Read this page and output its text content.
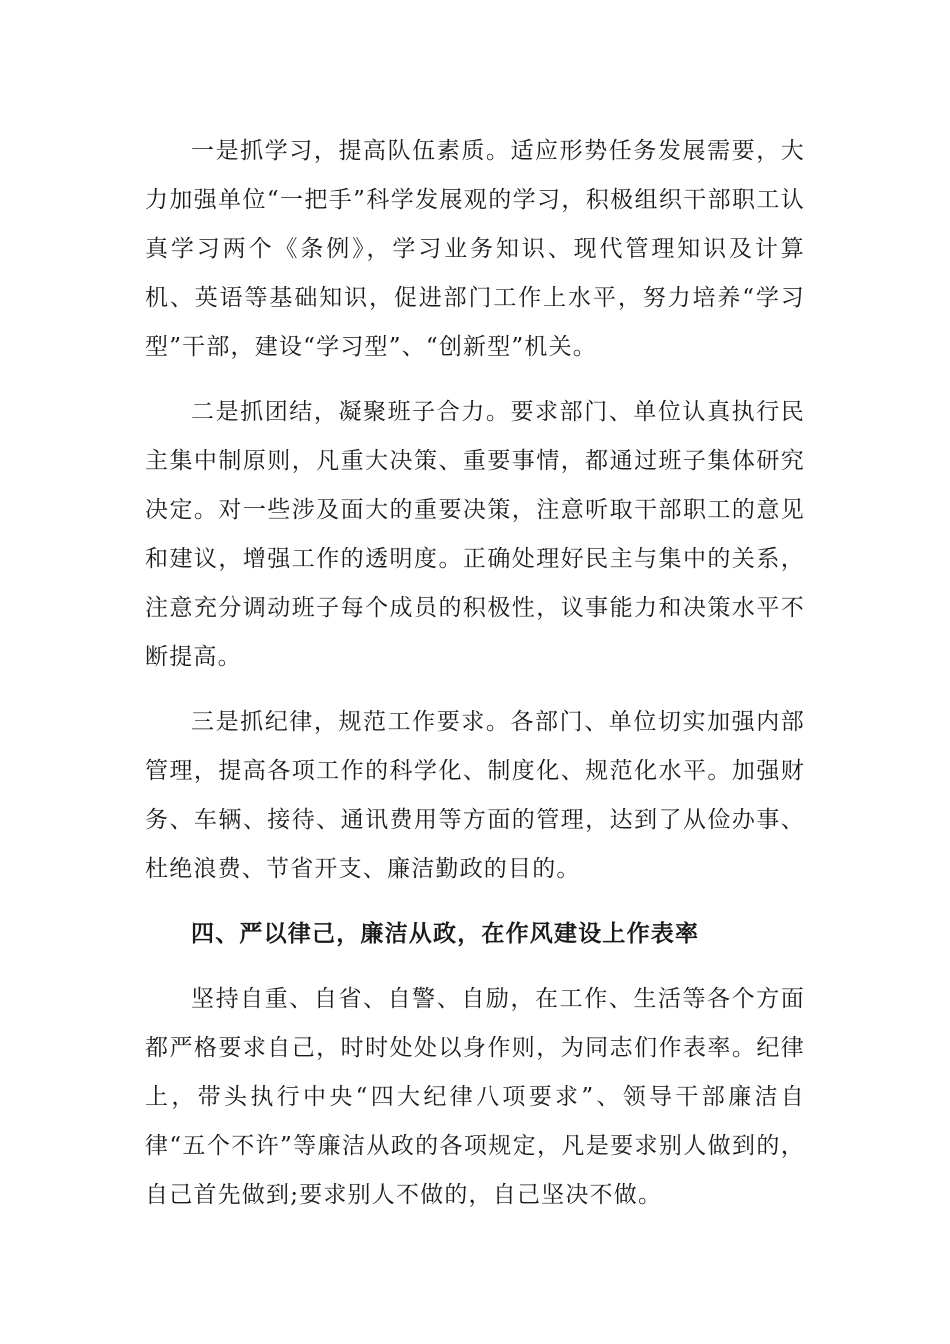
一是抓学习，提高队伍素质。适应形势任务发展需要，大力加强单位“一把手”科学发展观的学习，积极组织干部职工认真学习两个《条例》，学习业务知识、现代管理知识及计算机、英语等基础知识，促进部门工作上水平，努力培养“学习型”干部，建设“学习型”、“创新型”机关。

二是抓团结，凝聚班子合力。要求部门、单位认真执行民主集中制原则，凡重大决策、重要事情，都通过班子集体研究决定。对一些涉及面大的重要决策，注意听取干部职工的意见和建议，增强工作的透明度。正确处理好民主与集中的关系，注意充分调动班子每个成员的积极性，议事能力和决策水平不断提高。

三是抓纪律，规范工作要求。各部门、单位切实加强内部管理，提高各项工作的科学化、制度化、规范化水平。加强财务、车辆、接待、通讯费用等方面的管理，达到了从俭办事、杜绝浪费、节省开支、廉洁勤政的目的。

四、严以律己，廉洁从政，在作风建设上作表率

坚持自重、自省、自警、自励，在工作、生活等各个方面都严格要求自己，时时处处以身作则，为同志们作表率。纪律上，带头执行中央“四大纪律八项要求”、领导干部廉洁自律“五个不许”等廉洁从政的各项规定，凡是要求别人做到的，自己首先做到;要求别人不做的，自己坚决不做。
